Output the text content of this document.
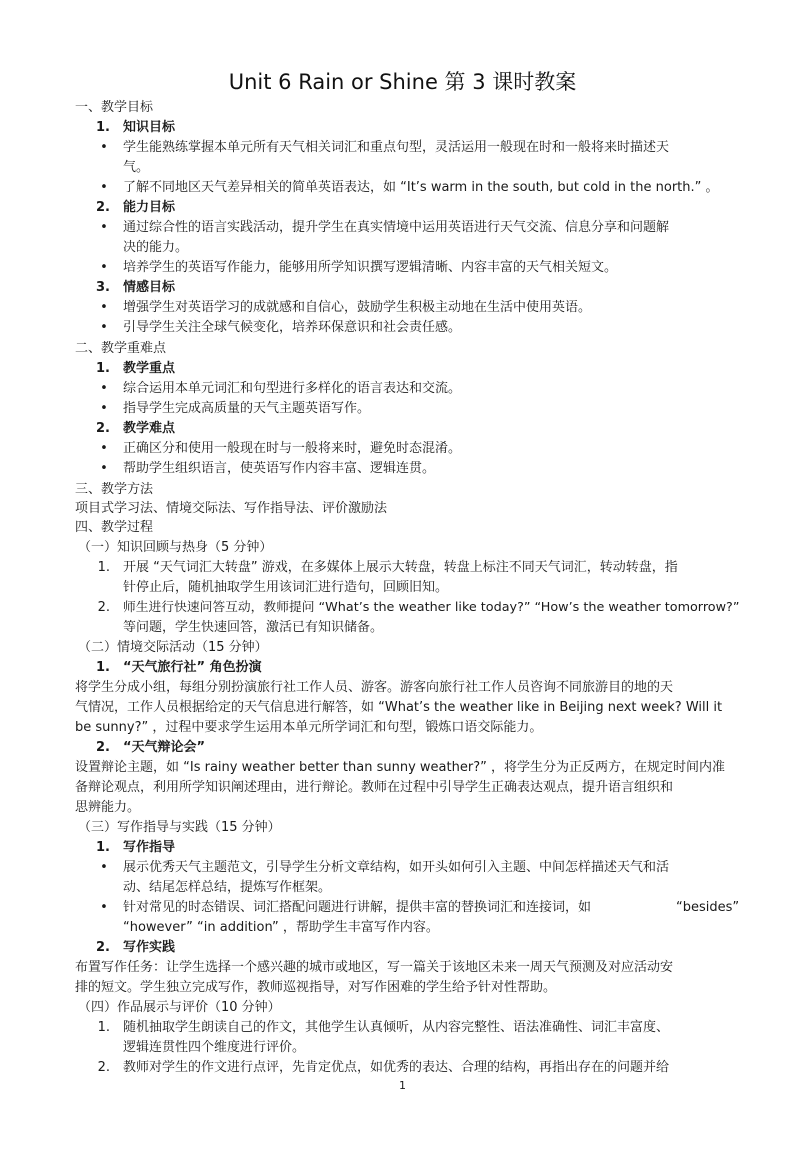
Unit 6 Rain or Shine 第 3 课时教案
一、教学目标
1. 知识目标
• 学生能熟练掌握本单元所有天气相关词汇和重点句型，灵活运用一般现在时和一般将来时描述天
气。
• 了解不同地区天气差异相关的简单英语表达，如 “It’s warm in the south, but cold in the north.” 。
2. 能力目标
• 通过综合性的语言实践活动，提升学生在真实情境中运用英语进行天气交流、信息分享和问题解
决的能力。
• 培养学生的英语写作能力，能够用所学知识撰写逻辑清晰、内容丰富的天气相关短文。
3. 情感目标
• 增强学生对英语学习的成就感和自信心，鼓励学生积极主动地在生活中使用英语。
• 引导学生关注全球气候变化，培养环保意识和社会责任感。
二、教学重难点
1. 教学重点
• 综合运用本单元词汇和句型进行多样化的语言表达和交流。
• 指导学生完成高质量的天气主题英语写作。
2. 教学难点
• 正确区分和使用一般现在时与一般将来时，避免时态混淆。
• 帮助学生组织语言，使英语写作内容丰富、逻辑连贯。
三、教学方法
项目式学习法、情境交际法、写作指导法、评价激励法
四、教学过程
（一）知识回顾与热身（5 分钟）
1. 开展 “天气词汇大转盘” 游戏，在多媒体上展示大转盘，转盘上标注不同天气词汇，转动转盘，指
针停止后，随机抽取学生用该词汇进行造句，回顾旧知。
2. 师生进行快速问答互动，教师提问 “What’s the weather like today?” “How’s the weather tomorrow?”
等问题，学生快速回答，激活已有知识储备。
（二）情境交际活动（15 分钟）
1. “天气旅行社” 角色扮演
将学生分成小组，每组分别扮演旅行社工作人员、游客。游客向旅行社工作人员咨询不同旅游目的地的天
气情况，工作人员根据给定的天气信息进行解答，如 “What’s the weather like in Beijing next week? Will it
be sunny?” ，过程中要求学生运用本单元所学词汇和句型，锻炼口语交际能力。
2. “天气辩论会”
设置辩论主题，如 “Is rainy weather better than sunny weather?” ，将学生分为正反两方，在规定时间内准
备辩论观点，利用所学知识阐述理由，进行辩论。教师在过程中引导学生正确表达观点，提升语言组织和
思辨能力。
（三）写作指导与实践（15 分钟）
1. 写作指导
• 展示优秀天气主题范文，引导学生分析文章结构，如开头如何引入主题、中间怎样描述天气和活
动、结尾怎样总结，提炼写作框架。
• 针对常见的时态错误、词汇搭配问题进行讲解，提供丰富的替换词汇和连接词，如	“besides”
“however” “in addition” ，帮助学生丰富写作内容。
2. 写作实践
布置写作任务：让学生选择一个感兴趣的城市或地区，写一篇关于该地区未来一周天气预测及对应活动安
排的短文。学生独立完成写作，教师巡视指导，对写作困难的学生给予针对性帮助。
（四）作品展示与评价（10 分钟）
1. 随机抽取学生朗读自己的作文，其他学生认真倾听，从内容完整性、语法准确性、词汇丰富度、
逻辑连贯性四个维度进行评价。
2. 教师对学生的作文进行点评，先肯定优点，如优秀的表达、合理的结构，再指出存在的问题并给
1
